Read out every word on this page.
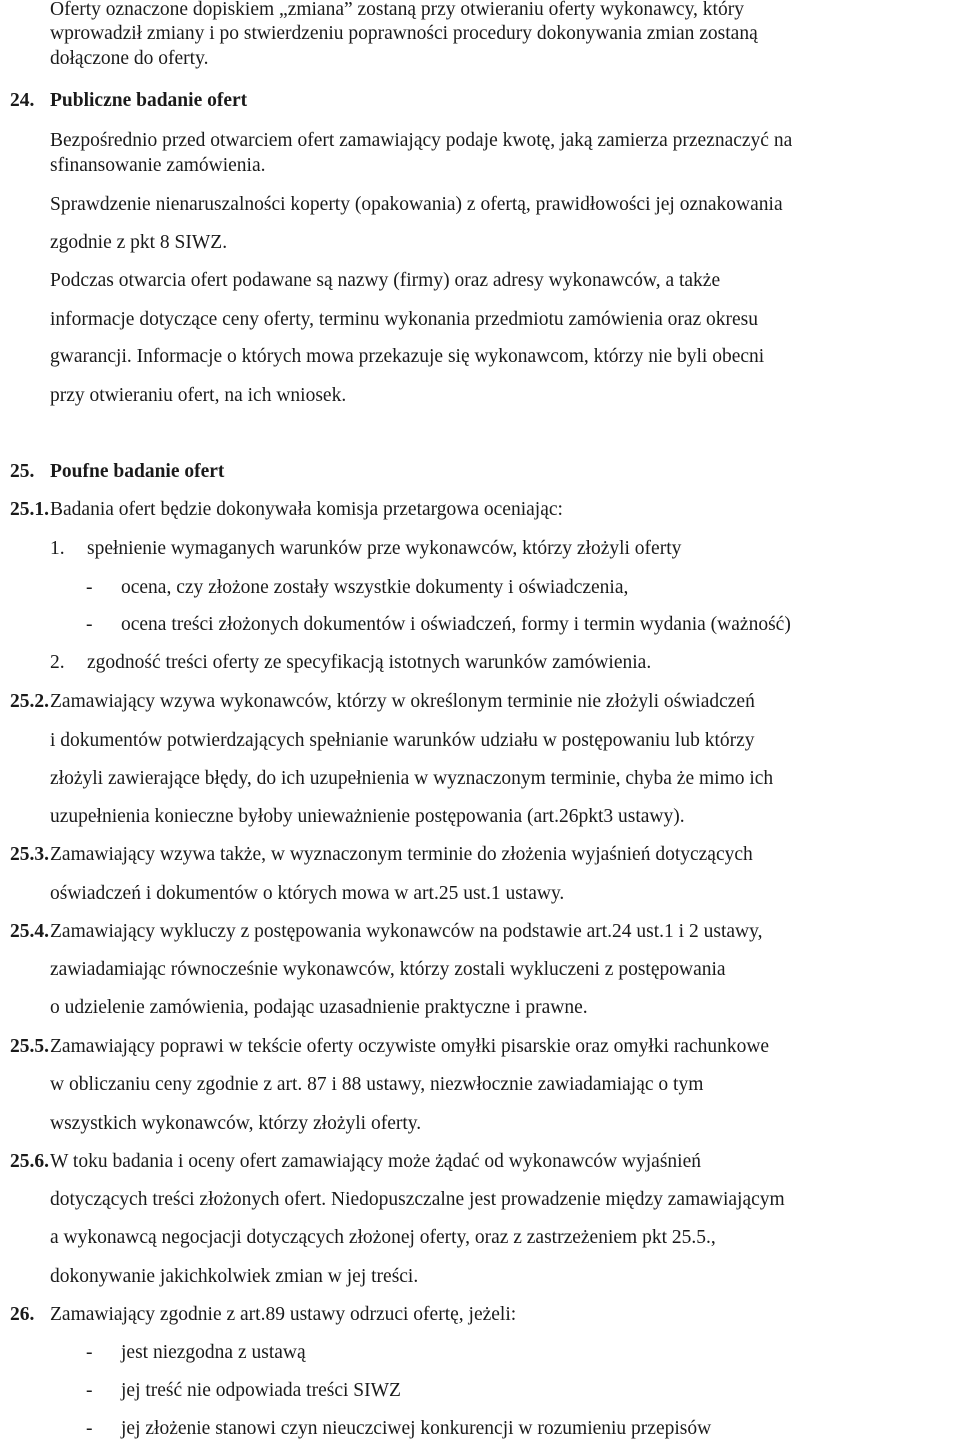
Oferty oznaczone dopiskiem „zmiana” zostaną przy otwieraniu oferty wykonawcy, który
wprowadził zmiany i po stwierdzeniu poprawności procedury dokonywania zmian zostaną
dołączone do oferty.
24. Publiczne badanie ofert
Bezpośrednio przed otwarciem ofert zamawiający podaje kwotę, jaką zamierza przeznaczyć na
sfinansowanie zamówienia.
Sprawdzenie nienaruszalności koperty (opakowania) z ofertą, prawidłowości jej oznakowania
zgodnie z pkt 8 SIWZ.
Podczas otwarcia ofert podawane są nazwy (firmy) oraz adresy wykonawców, a także
informacje dotyczące ceny oferty, terminu wykonania przedmiotu zamówienia oraz okresu
gwarancji. Informacje o których mowa przekazuje się wykonawcom, którzy nie byli obecni
przy otwieraniu ofert, na ich wniosek.
25. Poufne badanie ofert
25.1. Badania ofert będzie dokonywała komisja przetargowa oceniając:
1. spełnienie wymaganych warunków prze wykonawców, którzy złożyli oferty
- ocena, czy złożone zostały wszystkie dokumenty i oświadczenia,
- ocena treści złożonych dokumentów i oświadczeń, formy i termin wydania (ważność)
2. zgodność treści oferty ze specyfikacją istotnych warunków zamówienia.
25.2. Zamawiający wzywa wykonawców, którzy w określonym terminie nie złożyli oświadczeń
i dokumentów potwierdzających spełnianie warunków udziału w postępowaniu lub którzy
złożyli zawierające błędy, do ich uzupełnienia w wyznaczonym terminie, chyba że mimo ich
uzupełnienia konieczne byłoby unieważnienie postępowania (art.26pkt3 ustawy).
25.3. Zamawiający wzywa także, w wyznaczonym terminie do złożenia wyjaśnień dotyczących
oświadczeń i dokumentów o których mowa w art.25 ust.1 ustawy.
25.4. Zamawiający wykluczy z postępowania wykonawców na podstawie art.24 ust.1 i 2 ustawy,
zawiadamiając równocześnie wykonawców, którzy zostali wykluczeni z postępowania
o udzielenie zamówienia, podając uzasadnienie praktyczne i prawne.
25.5. Zamawiający poprawi w tekście oferty oczywiste omyłki pisarskie oraz omyłki rachunkowe
w obliczaniu ceny zgodnie z art. 87 i 88 ustawy, niezwłocznie zawiadamiając o tym
wszystkich wykonawców, którzy złożyli oferty.
25.6. W toku badania i oceny ofert zamawiający może żądać od wykonawców wyjaśnień
dotyczących treści złożonych ofert. Niedopuszczalne jest prowadzenie między zamawiającym
a wykonawcą negocjacji dotyczących złożonej oferty, oraz z zastrzeżeniem pkt 25.5.,
dokonywanie jakichkolwiek zmian w jej treści.
26. Zamawiający zgodnie z art.89 ustawy odrzuci ofertę, jeżeli:
- jest niezgodna z ustawą
- jej treść nie odpowiada treści SIWZ
- jej złożenie stanowi czyn nieuczciwej konkurencji w rozumieniu przepisów
